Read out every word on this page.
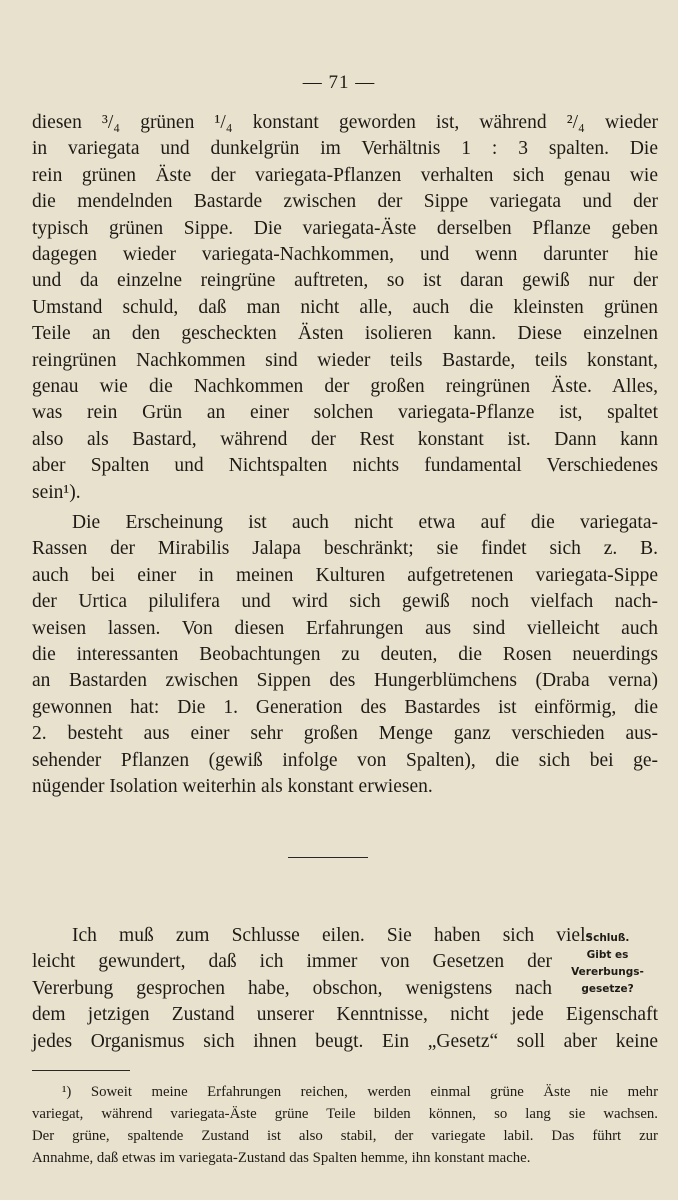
— 71 —
diesen ³/₄ grünen ¹/₄ konstant geworden ist, während ²/₄ wieder
in variegata und dunkelgrün im Verhältnis 1 : 3 spalten. Die
rein grünen Äste der variegata-Pflanzen verhalten sich genau wie
die mendelnden Bastarde zwischen der Sippe variegata und der
typisch grünen Sippe. Die variegata-Äste derselben Pflanze geben
dagegen wieder variegata-Nachkommen, und wenn darunter hie
und da einzelne reingrüne auftreten, so ist daran gewiß nur der
Umstand schuld, daß man nicht alle, auch die kleinsten grünen
Teile an den gescheckten Ästen isolieren kann. Diese einzelnen
reingrünen Nachkommen sind wieder teils Bastarde, teils konstant,
genau wie die Nachkommen der großen reingrünen Äste. Alles,
was rein Grün an einer solchen variegata-Pflanze ist, spaltet
also als Bastard, während der Rest konstant ist. Dann kann
aber Spalten und Nichtspalten nichts fundamental Verschiedenes
sein¹).
Die Erscheinung ist auch nicht etwa auf die variegata-
Rassen der Mirabilis Jalapa beschränkt; sie findet sich z. B.
auch bei einer in meinen Kulturen aufgetretenen variegata-Sippe
der Urtica pilulifera und wird sich gewiß noch vielfach nach-
weisen lassen. Von diesen Erfahrungen aus sind vielleicht auch
die interessanten Beobachtungen zu deuten, die Rosen neuerdings
an Bastarden zwischen Sippen des Hungerblümchens (Draba verna)
gewonnen hat: Die 1. Generation des Bastardes ist einförmig, die
2. besteht aus einer sehr großen Menge ganz verschieden aus-
sehender Pflanzen (gewiß infolge von Spalten), die sich bei ge-
nügender Isolation weiterhin als konstant erwiesen.
Ich muß zum Schlusse eilen. Sie haben sich viel-
leicht gewundert, daß ich immer von Gesetzen der
Vererbung gesprochen habe, obschon, wenigstens nach
dem jetzigen Zustand unserer Kenntnisse, nicht jede Eigenschaft
jedes Organismus sich ihnen beugt. Ein „Gesetz“ soll aber keine
Schluß.
Gibt es
Vererbungs-
gesetze?
¹) Soweit meine Erfahrungen reichen, werden einmal grüne Äste nie mehr
variegat, während variegata-Äste grüne Teile bilden können, so lang sie wachsen.
Der grüne, spaltende Zustand ist also stabil, der variegate labil. Das führt zur
Annahme, daß etwas im variegata-Zustand das Spalten hemme, ihn konstant mache.
